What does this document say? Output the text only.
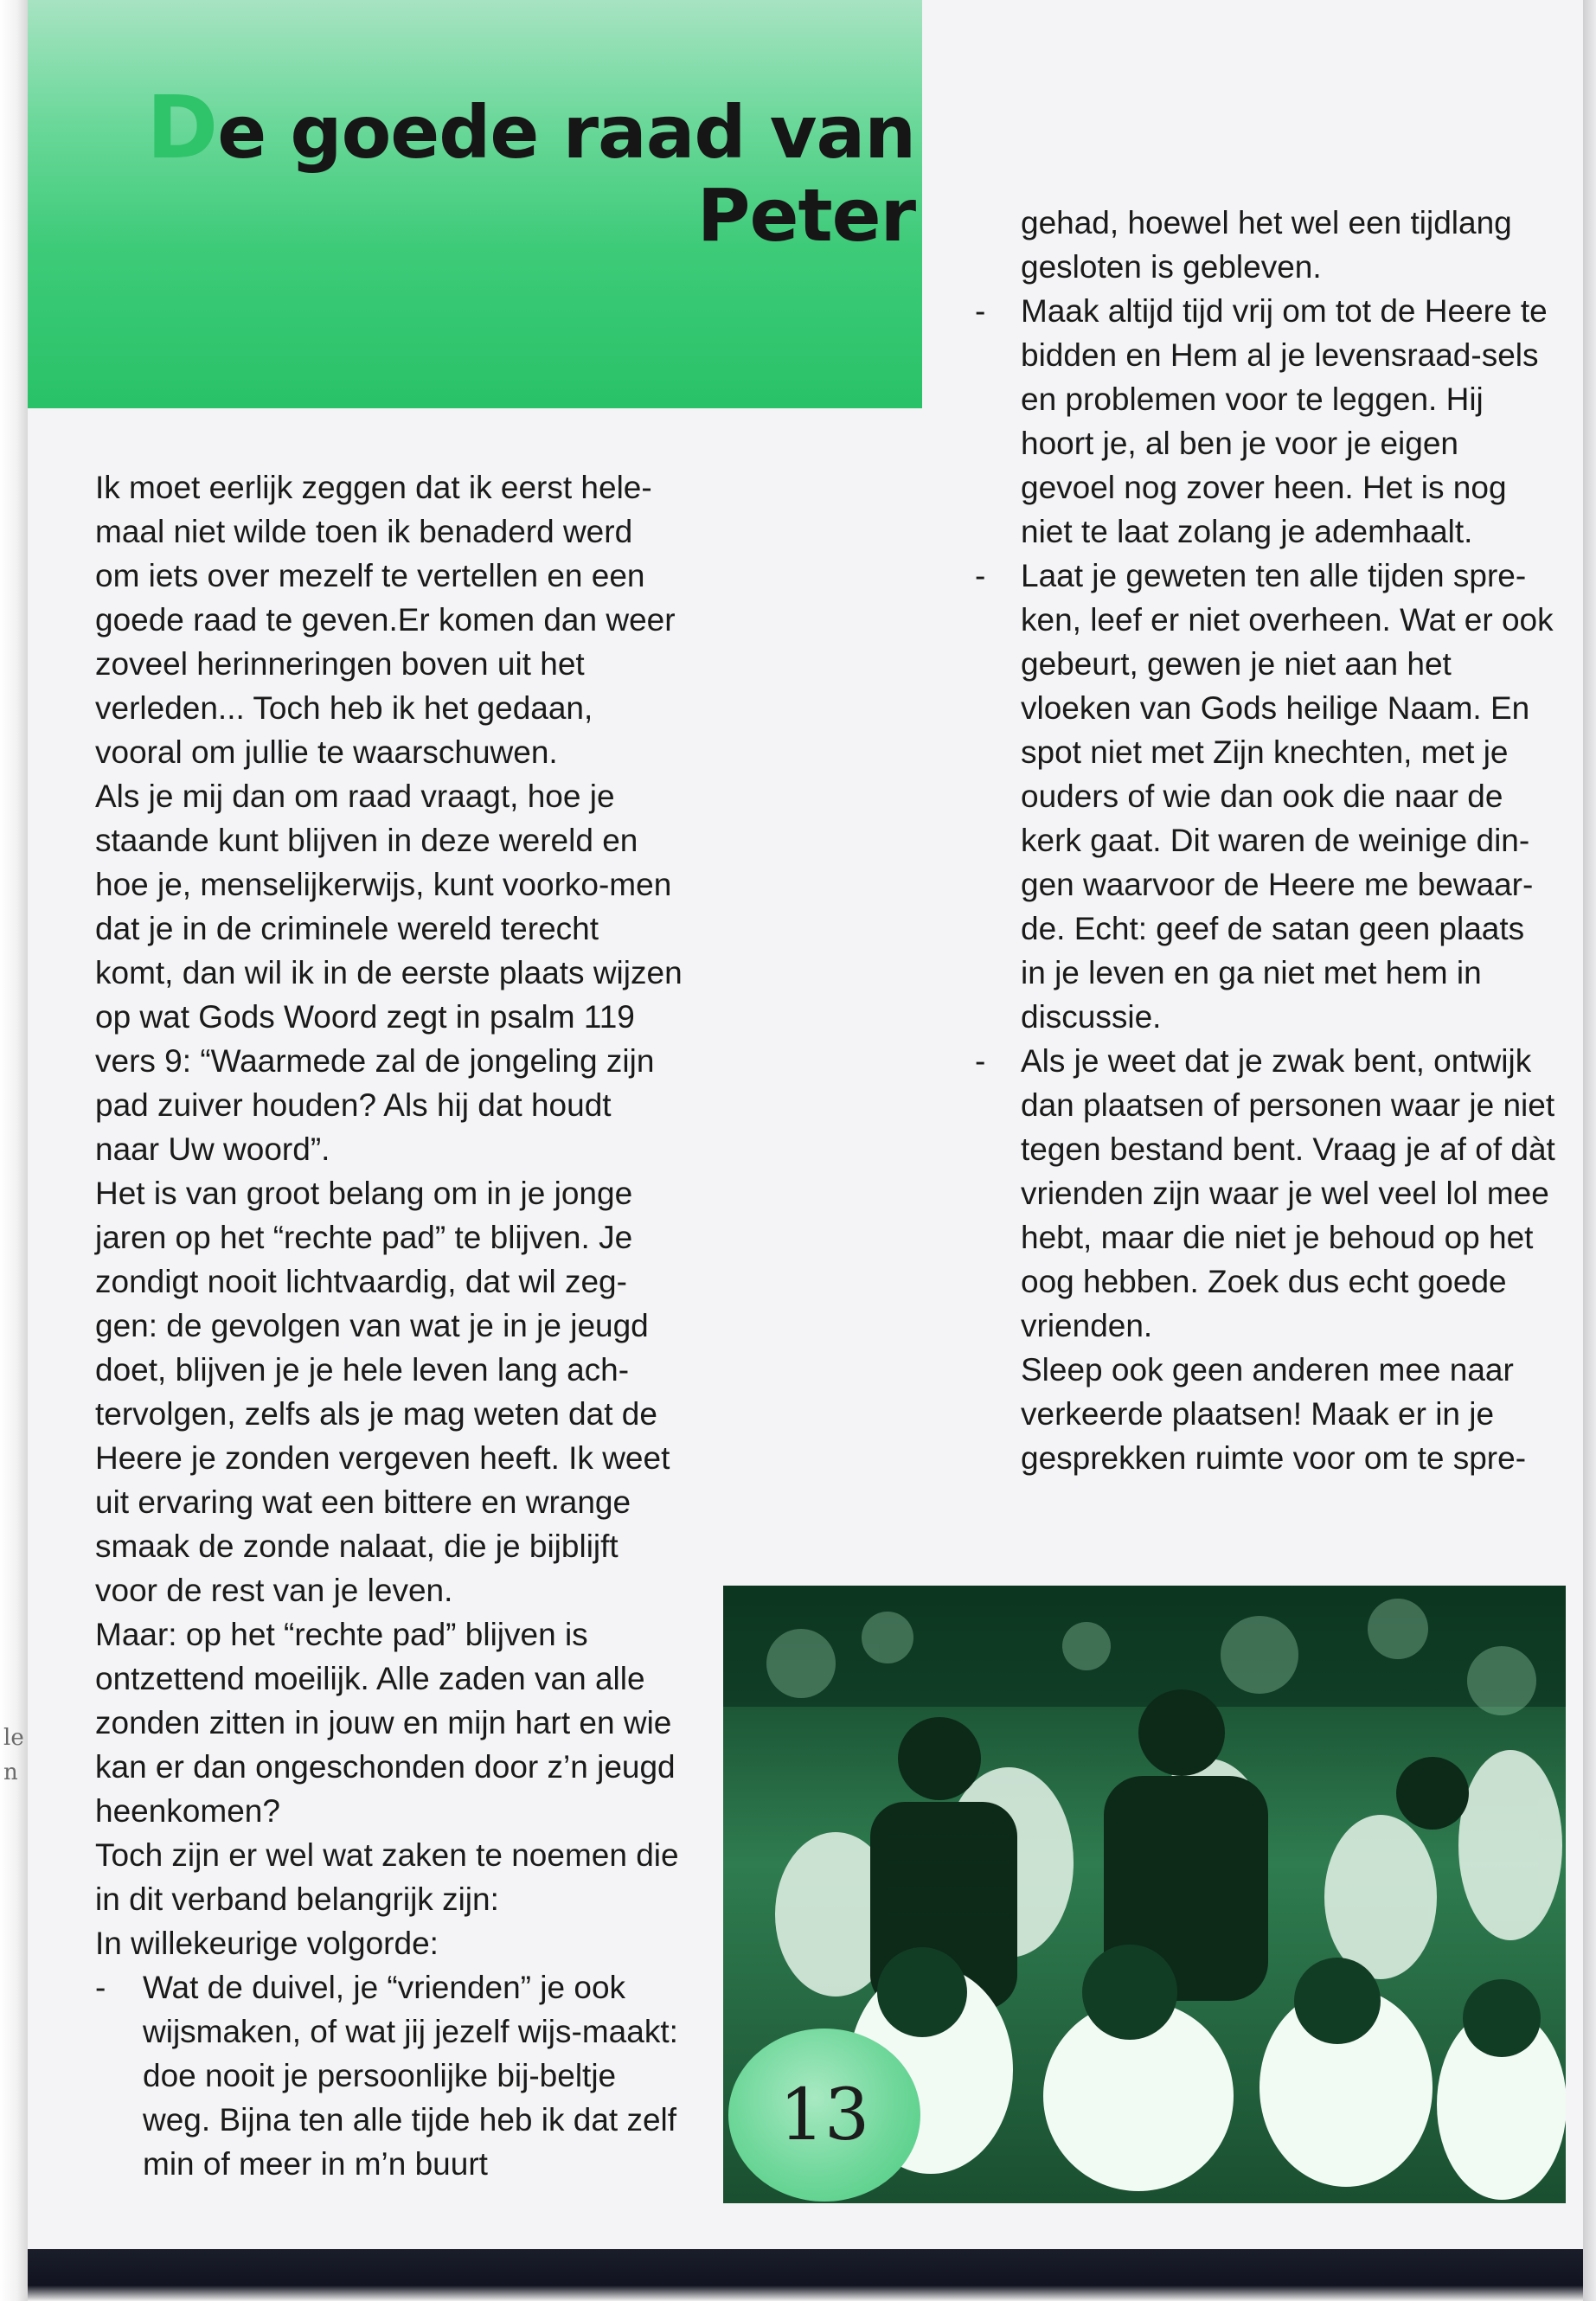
le
n
De goede raad van
Peter

Ik moet eerlijk zeggen dat ik eerst hele-maal niet wilde toen ik benaderd werd om iets over mezelf te vertellen en een goede raad te geven.Er komen dan weer zoveel herinneringen boven uit het verleden... Toch heb ik het gedaan, vooral om jullie te waarschuwen.

Als je mij dan om raad vraagt, hoe je staande kunt blijven in deze wereld en hoe je, menselijkerwijs, kunt voorko-men dat je in de criminele wereld terecht komt, dan wil ik in de eerste plaats wijzen op wat Gods Woord zegt in psalm 119 vers 9: “Waarmede zal de jongeling zijn pad zuiver houden? Als hij dat houdt naar Uw woord”.

Het is van groot belang om in je jonge jaren op het “rechte pad” te blijven. Je zondigt nooit lichtvaardig, dat wil zeg-gen: de gevolgen van wat je in je jeugd doet, blijven je je hele leven lang ach-tervolgen, zelfs als je mag weten dat de Heere je zonden vergeven heeft. Ik weet uit ervaring wat een bittere en wrange smaak de zonde nalaat, die je bijblijft voor de rest van je leven.

Maar: op het “rechte pad” blijven is ontzettend moeilijk. Alle zaden van alle zonden zitten in jouw en mijn hart en wie kan er dan ongeschonden door z’n jeugd heenkomen?

Toch zijn er wel wat zaken te noemen die in dit verband belangrijk zijn:

In willekeurige volgorde:

- Wat de duivel, je “vrienden” je ook wijsmaken, of wat jij jezelf wijs-maakt: doe nooit je persoonlijke bij-beltje weg. Bijna ten alle tijde heb ik dat zelf min of meer in m’n buurt

gehad, hoewel het wel een tijdlang gesloten is gebleven.

- Maak altijd tijd vrij om tot de Heere te bidden en Hem al je levensraad-sels en problemen voor te leggen. Hij hoort je, al ben je voor je eigen gevoel nog zover heen. Het is nog niet te laat zolang je ademhaalt.
- Laat je geweten ten alle tijden spre-ken, leef er niet overheen. Wat er ook gebeurt, gewen je niet aan het vloeken van Gods heilige Naam. En spot niet met Zijn knechten, met je ouders of wie dan ook die naar de kerk gaat. Dit waren de weinige din-gen waarvoor de Heere me bewaar-de. Echt: geef de satan geen plaats in je leven en ga niet met hem in discussie.
- Als je weet dat je zwak bent, ontwijk dan plaatsen of personen waar je niet tegen bestand bent. Vraag je af of dàt vrienden zijn waar je wel veel lol mee hebt, maar die niet je behoud op het oog hebben. Zoek dus echt goede vrienden.

Sleep ook geen anderen mee naar verkeerde plaatsen! Maak er in je gesprekken ruimte voor om te spre-

13
